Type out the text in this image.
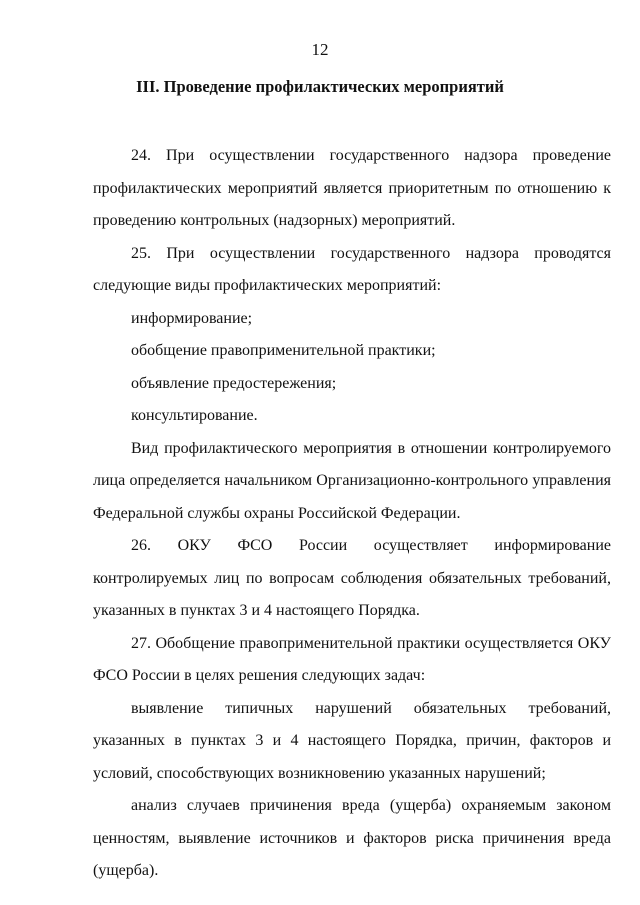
12
III. Проведение профилактических мероприятий

24. При осуществлении государственного надзора проведение профилактических мероприятий является приоритетным по отношению к проведению контрольных (надзорных) мероприятий.

25. При осуществлении государственного надзора проводятся следующие виды профилактических мероприятий:

информирование;

обобщение правоприменительной практики;

объявление предостережения;

консультирование.

Вид профилактического мероприятия в отношении контролируемого лица определяется начальником Организационно-контрольного управления Федеральной службы охраны Российской Федерации.

26. ОКУ ФСО России осуществляет информирование контролируемых лиц по вопросам соблюдения обязательных требований, указанных в пунктах 3 и 4 настоящего Порядка.

27. Обобщение правоприменительной практики осуществляется ОКУ ФСО России в целях решения следующих задач:

выявление типичных нарушений обязательных требований, указанных в пунктах 3 и 4 настоящего Порядка, причин, факторов и условий, способствующих возникновению указанных нарушений;

анализ случаев причинения вреда (ущерба) охраняемым законом ценностям, выявление источников и факторов риска причинения вреда (ущерба).
